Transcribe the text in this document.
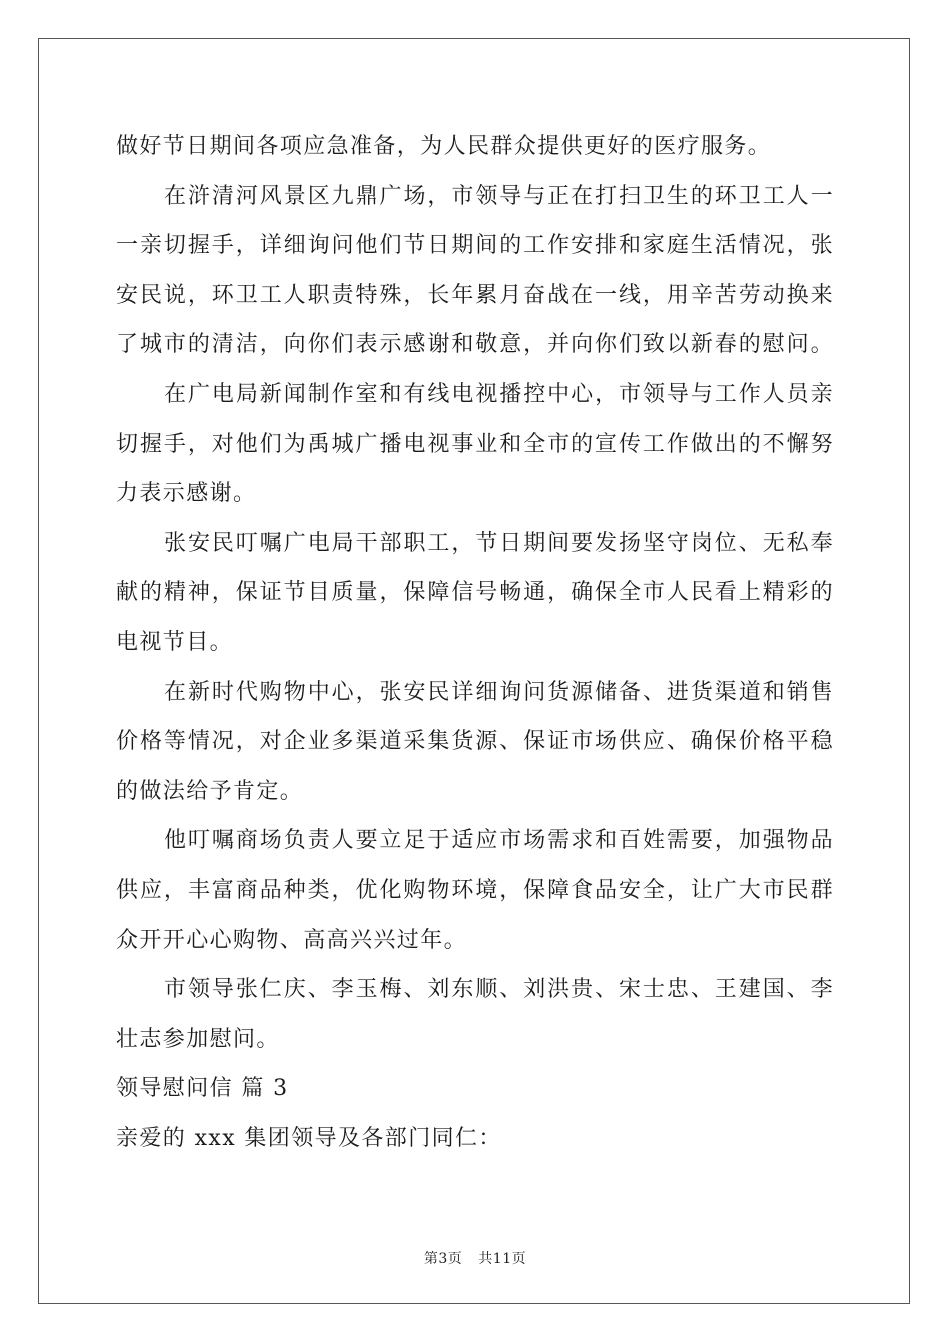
做好节日期间各项应急准备，为人民群众提供更好的医疗服务。
在浒清河风景区九鼎广场，市领导与正在打扫卫生的环卫工人一
一亲切握手，详细询问他们节日期间的工作安排和家庭生活情况，张
安民说，环卫工人职责特殊，长年累月奋战在一线，用辛苦劳动换来
了城市的清洁，向你们表示感谢和敬意，并向你们致以新春的慰问。
在广电局新闻制作室和有线电视播控中心，市领导与工作人员亲
切握手，对他们为禹城广播电视事业和全市的宣传工作做出的不懈努
力表示感谢。
张安民叮嘱广电局干部职工，节日期间要发扬坚守岗位、无私奉
献的精神，保证节目质量，保障信号畅通，确保全市人民看上精彩的
电视节目。
在新时代购物中心，张安民详细询问货源储备、进货渠道和销售
价格等情况，对企业多渠道采集货源、保证市场供应、确保价格平稳
的做法给予肯定。
他叮嘱商场负责人要立足于适应市场需求和百姓需要，加强物品
供应，丰富商品种类，优化购物环境，保障食品安全，让广大市民群
众开开心心购物、高高兴兴过年。
市领导张仁庆、李玉梅、刘东顺、刘洪贵、宋士忠、王建国、李
壮志参加慰问。
领导慰问信 篇 3
亲爱的 xxx 集团领导及各部门同仁：
第3页 共11页
